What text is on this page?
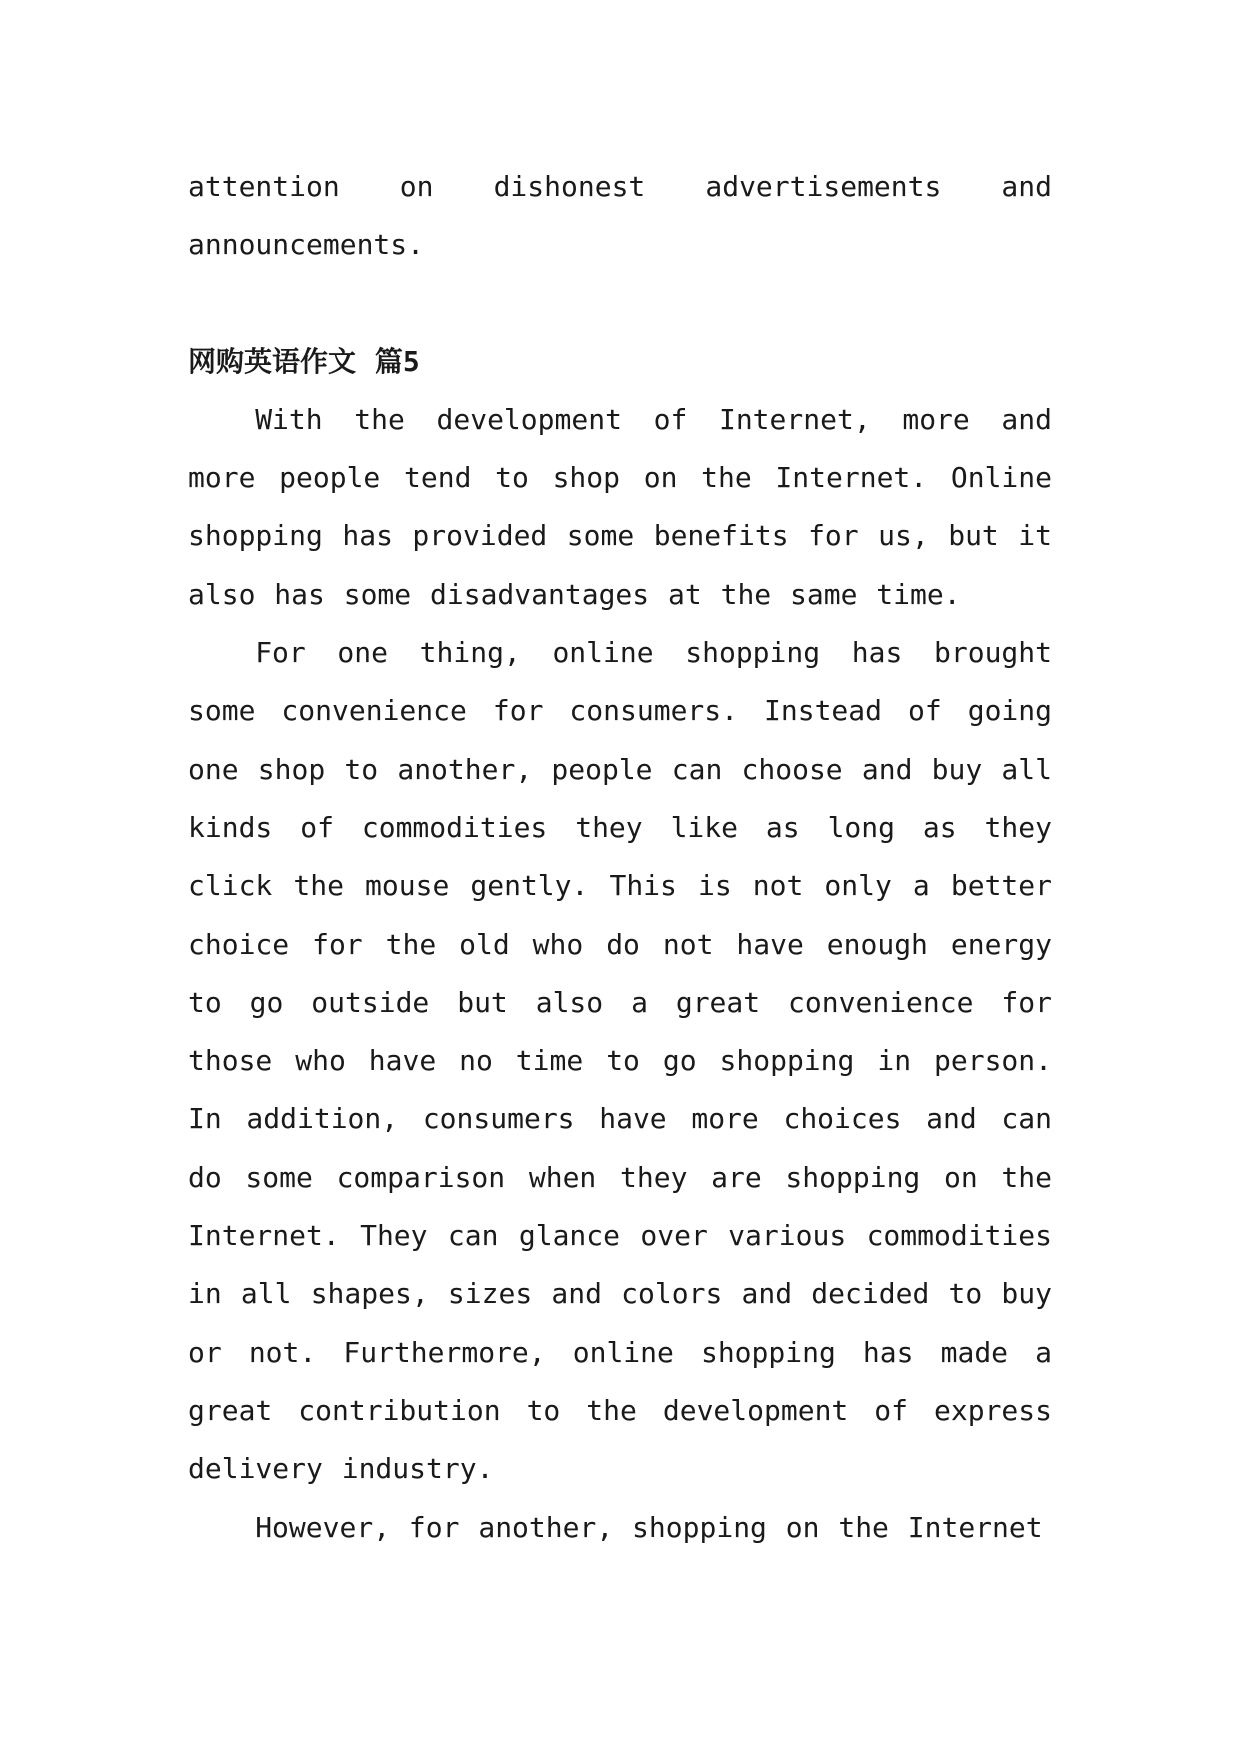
attention on dishonest advertisements and announcements.

网购英语作文 篇5

With the development of Internet, more and more people tend to shop on the Internet. Online shopping has provided some benefits for us, but it also has some disadvantages at the same time.

For one thing, online shopping has brought some convenience for consumers. Instead of going one shop to another, people can choose and buy all kinds of commodities they like as long as they click the mouse gently. This is not only a better choice for the old who do not have enough energy to go outside but also a great convenience for those who have no time to go shopping in person. In addition, consumers have more choices and can do some comparison when they are shopping on the Internet. They can glance over various commodities in all shapes, sizes and colors and decided to buy or not. Furthermore, online shopping has made a great contribution to the development of express delivery industry.

However, for another, shopping on the Internet
